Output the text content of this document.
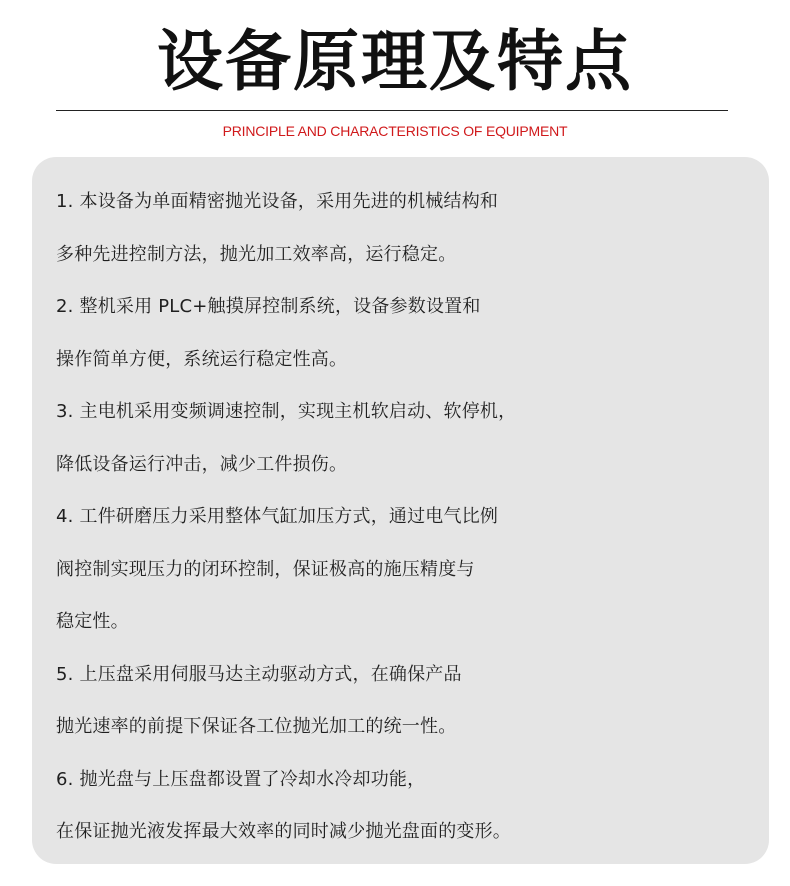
设备原理及特点
PRINCIPLE AND CHARACTERISTICS OF EQUIPMENT
1. 本设备为单面精密抛光设备，采用先进的机械结构和
多种先进控制方法，抛光加工效率高，运行稳定。
2. 整机采用 PLC+触摸屏控制系统，设备参数设置和
操作简单方便，系统运行稳定性高。
3. 主电机采用变频调速控制，实现主机软启动、软停机，
降低设备运行冲击，减少工件损伤。
4. 工件研磨压力采用整体气缸加压方式，通过电气比例
阀控制实现压力的闭环控制，保证极高的施压精度与
稳定性。
5. 上压盘采用伺服马达主动驱动方式，在确保产品
抛光速率的前提下保证各工位抛光加工的统一性。
6. 抛光盘与上压盘都设置了冷却水冷却功能，
在保证抛光液发挥最大效率的同时减少抛光盘面的变形。
